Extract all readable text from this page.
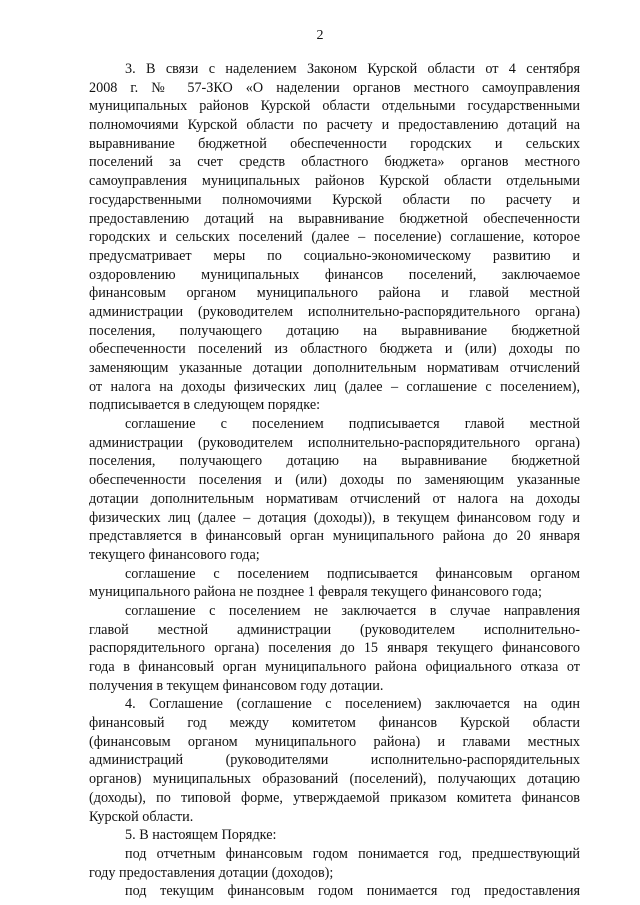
2
3. В связи с наделением Законом Курской области от 4 сентября
2008 г. № 57-ЗКО «О наделении органов местного самоуправления
муниципальных районов Курской области отдельными государственными
полномочиями Курской области по расчету и предоставлению дотаций на
выравнивание бюджетной обеспеченности городских и сельских
поселений за счет средств областного бюджета» органов местного
самоуправления муниципальных районов Курской области отдельными
государственными полномочиями Курской области по расчету и
предоставлению дотаций на выравнивание бюджетной обеспеченности
городских и сельских поселений (далее – поселение) соглашение, которое
предусматривает меры по социально-экономическому развитию и
оздоровлению муниципальных финансов поселений, заключаемое
финансовым органом муниципального района и главой местной
администрации (руководителем исполнительно-распорядительного органа)
поселения, получающего дотацию на выравнивание бюджетной
обеспеченности поселений из областного бюджета и (или) доходы по
заменяющим указанные дотации дополнительным нормативам отчислений
от налога на доходы физических лиц (далее – соглашение с поселением),
подписывается в следующем порядке:
соглашение с поселением подписывается главой местной
администрации (руководителем исполнительно-распорядительного органа)
поселения, получающего дотацию на выравнивание бюджетной
обеспеченности поселения и (или) доходы по заменяющим указанные
дотации дополнительным нормативам отчислений от налога на доходы
физических лиц (далее – дотация (доходы)), в текущем финансовом году и
представляется в финансовый орган муниципального района до 20 января
текущего финансового года;
соглашение с поселением подписывается финансовым органом
муниципального района не позднее 1 февраля текущего финансового года;
соглашение с поселением не заключается в случае направления
главой местной администрации (руководителем исполнительно-
распорядительного органа) поселения до 15 января текущего финансового
года в финансовый орган муниципального района официального отказа от
получения в текущем финансовом году дотации.
4. Соглашение (соглашение с поселением) заключается на один
финансовый год между комитетом финансов Курской области
(финансовым органом муниципального района) и главами местных
администраций (руководителями исполнительно-распорядительных
органов) муниципальных образований (поселений), получающих дотацию
(доходы), по типовой форме, утверждаемой приказом комитета финансов
Курской области.
5. В настоящем Порядке:
под отчетным финансовым годом понимается год, предшествующий
году предоставления дотации (доходов);
под текущим финансовым годом понимается год предоставления
